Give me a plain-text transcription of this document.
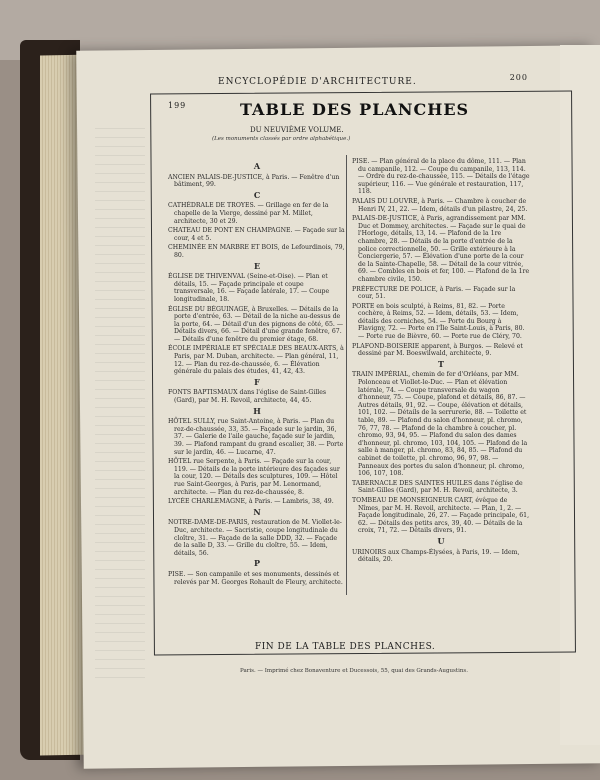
199
ENCYCLOPÉDIE D'ARCHITECTURE.	200
TABLE DES PLANCHES
DU NEUVIÈME VOLUME.
(Les monuments classés par ordre alphabétique.)

A

ANCIEN PALAIS-DE-JUSTICE, à Paris. — Fenêtre d'un bâtiment, 99.

C

CATHÉDRALE DE TROYES. — Grillage en fer de la chapelle de la Vierge, dessiné par M. Millet, architecte, 30 et 29.

CHATEAU DE PONT EN CHAMPAGNE. — Façade sur la cour, 4 et 5.

CHEMINÉE EN MARBRE ET BOIS, de Lefourdinois, 79, 80.

E

ÉGLISE DE THIVENVAL (Seine-et-Oise). — Plan et détails, 15. — Façade principale et coupe transversale, 16. — Façade latérale, 17. — Coupe longitudinale, 18.

ÉGLISE DU BÉGUINAGE, à Bruxelles. — Détails de la porte d'entrée, 63. — Détail de la niche au-dessus de la porte, 64. — Détail d'un des pignons de côté, 65. — Détails divers, 66. — Détail d'une grande fenêtre, 67. — Détails d'une fenêtre du premier étage, 68.

ÉCOLE IMPÉRIALE ET SPÉCIALE DES BEAUX-ARTS, à Paris, par M. Duban, architecte. — Plan général, 11, 12. — Plan du rez-de-chaussée, 6. — Élévation générale du palais des études, 41, 42, 43.

F

FONTS BAPTISMAUX dans l'église de Saint-Gilles (Gard), par M. H. Revoil, architecte, 44, 45.

H

HÔTEL SULLY, rue Saint-Antoine, à Paris. — Plan du rez-de-chaussée, 33, 35. — Façade sur le jardin, 36, 37. — Galerie de l'aile gauche, façade sur le jardin, 39. — Plafond rampant du grand escalier, 38. — Porte sur le jardin, 46. — Lucarne, 47.

HÔTEL rue Serpente, à Paris. — Façade sur la cour, 119. — Détails de la porte intérieure des façades sur la cour, 120. — Détails des sculptures, 109. — Hôtel rue Saint-Georges, à Paris, par M. Lenormand, architecte. — Plan du rez-de-chaussée, 8.

LYCÉE CHARLEMAGNE, à Paris. — Lambris, 38, 49.

N

NOTRE-DAME-DE-PARIS, restauration de M. Viollet-le-Duc, architecte. — Sacristie, coupe longitudinale du cloître, 31. — Façade de la salle DDD, 32. — Façade de la salle D, 33. — Grille du cloître, 55. — Idem, détails, 56.

P

PISE. — Son campanile et ses monuments, dessinés et relevés par M. Georges Rohault de Fleury, architecte.

PISE. — Plan général de la place du dôme, 111. — Plan du campanile, 112. — Coupe du campanile, 113, 114. — Ordre du rez-de-chaussée, 115. — Détails de l'étage supérieur, 116. — Vue générale et restauration, 117, 118.

PALAIS DU LOUVRE, à Paris. — Chambre à coucher de Henri IV, 21, 22. — Idem, détails d'un pilastre, 24, 25.

PALAIS-DE-JUSTICE, à Paris, agrandissement par MM. Duc et Dommey, architectes. — Façade sur le quai de l'Horloge, détails, 13, 14. — Plafond de la 1re chambre, 28. — Détails de la porte d'entrée de la police correctionnelle, 50. — Grille extérieure à la Conciergerie, 57. — Élévation d'une porte de la cour de la Sainte-Chapelle, 58. — Détail de la cour vitrée, 69. — Combles en bois et fer, 100. — Plafond de la 1re chambre civile, 150.

PRÉFECTURE DE POLICE, à Paris. — Façade sur la cour, 51.

PORTE en bois sculpté, à Reims, 81, 82. — Porte cochère, à Reims, 52. — Idem, détails, 53. — Idem, détails des corniches, 54. — Porte du Bourg à Flavigny, 72. — Porte en l'Île Saint-Louis, à Paris, 80. — Porte rue de Bièvre, 60. — Porte rue de Cléry, 70.

PLAFOND-BOISERIE apparent, à Burgos. — Relevé et dessiné par M. Boeswilwald, architecte, 9.

T

TRAIN IMPÉRIAL, chemin de fer d'Orléans, par MM. Polonceau et Viollet-le-Duc. — Plan et élévation latérale, 74. — Coupe transversale du wagon d'honneur, 75. — Coupe, plafond et détails, 86, 87. — Autres détails, 91, 92. — Coupe, élévation et détails, 101, 102. — Détails de la serrurerie, 88. — Toilette et table, 89. — Plafond du salon d'honneur, pl. chromo, 76, 77, 78. — Plafond de la chambre à coucher, pl. chromo, 93, 94, 95. — Plafond du salon des dames d'honneur, pl. chromo, 103, 104, 105. — Plafond de la salle à manger, pl. chromo, 83, 84, 85. — Plafond du cabinet de toilette, pl. chromo, 96, 97, 98. — Panneaux des portes du salon d'honneur, pl. chromo, 106, 107, 108.

TABERNACLE DES SAINTES HUILES dans l'église de Saint-Gilles (Gard), par M. H. Revoil, architecte, 3.

TOMBEAU DE MONSEIGNEUR CART, évêque de Nîmes, par M. H. Revoil, architecte. — Plan, 1, 2. — Façade longitudinale, 26, 27. — Façade principale, 61, 62. — Détails des petits arcs, 39, 40. — Détails de la croix, 71, 72. — Détails divers, 91.

U

URINOIRS aux Champs-Élysées, à Paris, 19. — Idem, détails, 20.

FIN DE LA TABLE DES PLANCHES.
Paris. — Imprimé chez Bonaventure et Ducessois, 55, quai des Grands-Augustins.
